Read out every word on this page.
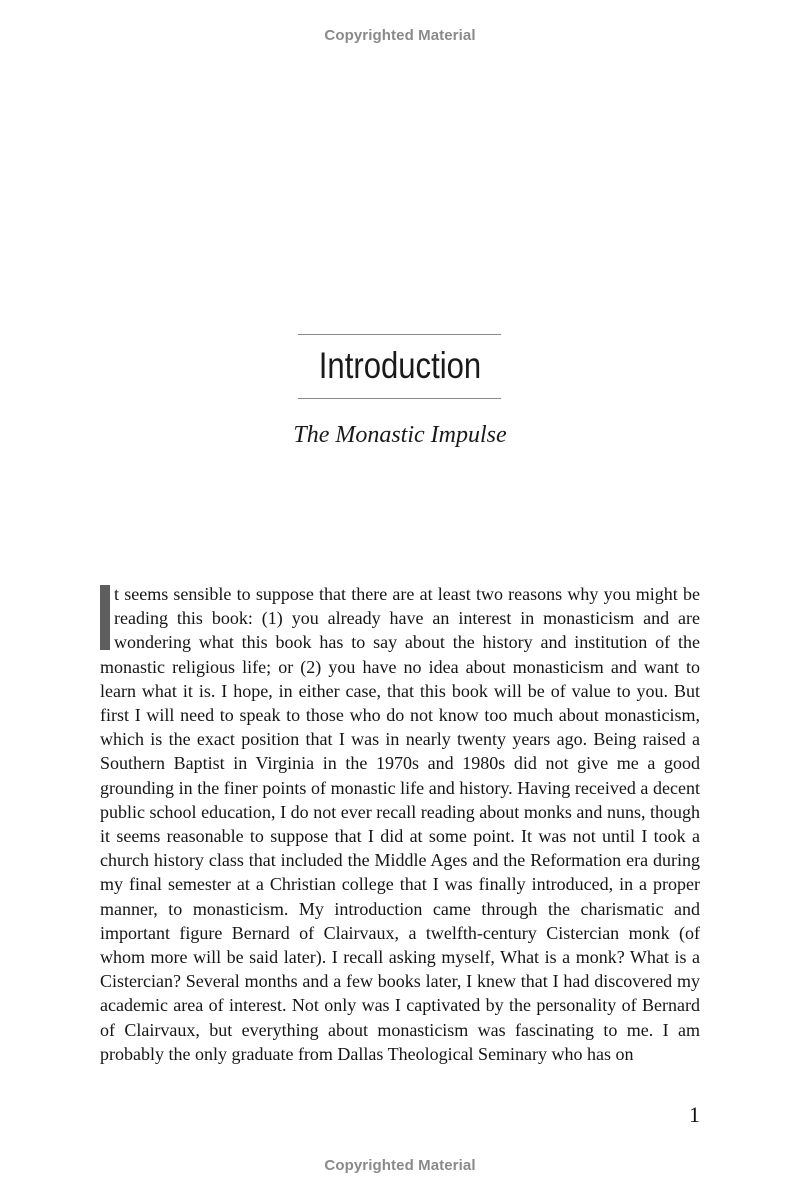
Copyrighted Material
Introduction
The Monastic Impulse

t seems sensible to suppose that there are at least two reasons why you might be reading this book: (1) you already have an interest in monasticism and are wondering what this book has to say about the history and institution of the monastic religious life; or (2) you have no idea about monasticism and want to learn what it is. I hope, in either case, that this book will be of value to you. But first I will need to speak to those who do not know too much about monasticism, which is the exact position that I was in nearly twenty years ago. Being raised a Southern Baptist in Virginia in the 1970s and 1980s did not give me a good grounding in the finer points of monastic life and history. Having received a decent public school education, I do not ever recall reading about monks and nuns, though it seems reasonable to suppose that I did at some point. It was not until I took a church history class that included the Middle Ages and the Reformation era during my final semester at a Christian college that I was finally introduced, in a proper manner, to monasticism. My introduction came through the charismatic and important figure Bernard of Clairvaux, a twelfth-century Cistercian monk (of whom more will be said later). I recall asking myself, What is a monk? What is a Cistercian? Several months and a few books later, I knew that I had discovered my academic area of interest. Not only was I captivated by the personality of Bernard of Clairvaux, but everything about monasticism was fascinating to me. I am probably the only graduate from Dallas Theological Seminary who has on

1
Copyrighted Material
